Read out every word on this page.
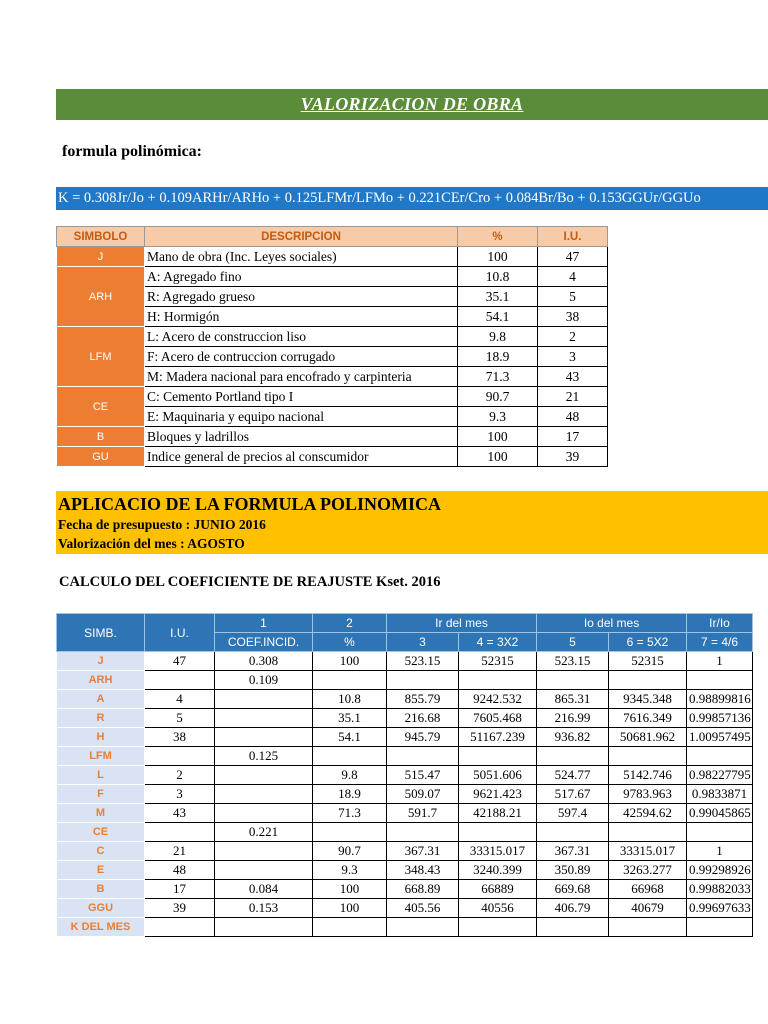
VALORIZACION DE OBRA
formula polinómica:
K = 0.308Jr/Jo + 0.109ARHr/ARHo + 0.125LFMr/LFMo + 0.221CEr/Cro + 0.084Br/Bo + 0.153GGUr/GGUo
SIMBOLO	DESCRIPCION	%	I.U.
J	Mano de obra (Inc. Leyes sociales)	100	47
ARH	A: Agregado fino	10.8	4
	R: Agregado grueso	35.1	5
	H: Hormigón	54.1	38
LFM	L: Acero de construccion liso	9.8	2
	F: Acero de contruccion corrugado	18.9	3
	M: Madera nacional para encofrado y carpinteria	71.3	43
CE	C: Cemento Portland tipo I	90.7	21
	E: Maquinaria y equipo nacional	9.3	48
B	Bloques y ladrillos	100	17
GU	Indice general de precios al conscumidor	100	39
APLICACIO DE LA FORMULA POLINOMICA
Fecha de presupuesto : JUNIO 2016
Valorización del mes : AGOSTO
CALCULO DEL COEFICIENTE DE REAJUSTE Kset. 2016
SIMB.	I.U.	1	2	Ir del mes		Io del mes		Ir/Io
		COEF.INCID.	%	3	4 = 3X2	5	6 = 5X2	7 = 4/6
J	47	0.308	100	523.15	52315	523.15	52315	1
ARH		0.109						
A	4		10.8	855.79	9242.532	865.31	9345.348	0.98899816
R	5		35.1	216.68	7605.468	216.99	7616.349	0.99857136
H	38		54.1	945.79	51167.239	936.82	50681.962	1.00957495
LFM		0.125						
L	2		9.8	515.47	5051.606	524.77	5142.746	0.98227795
F	3		18.9	509.07	9621.423	517.67	9783.963	0.9833871
M	43		71.3	591.7	42188.21	597.4	42594.62	0.99045865
CE		0.221						
C	21		90.7	367.31	33315.017	367.31	33315.017	1
E	48		9.3	348.43	3240.399	350.89	3263.277	0.99298926
B	17	0.084	100	668.89	66889	669.68	66968	0.99882033
GGU	39	0.153	100	405.56	40556	406.79	40679	0.99697633
K DEL MES								
